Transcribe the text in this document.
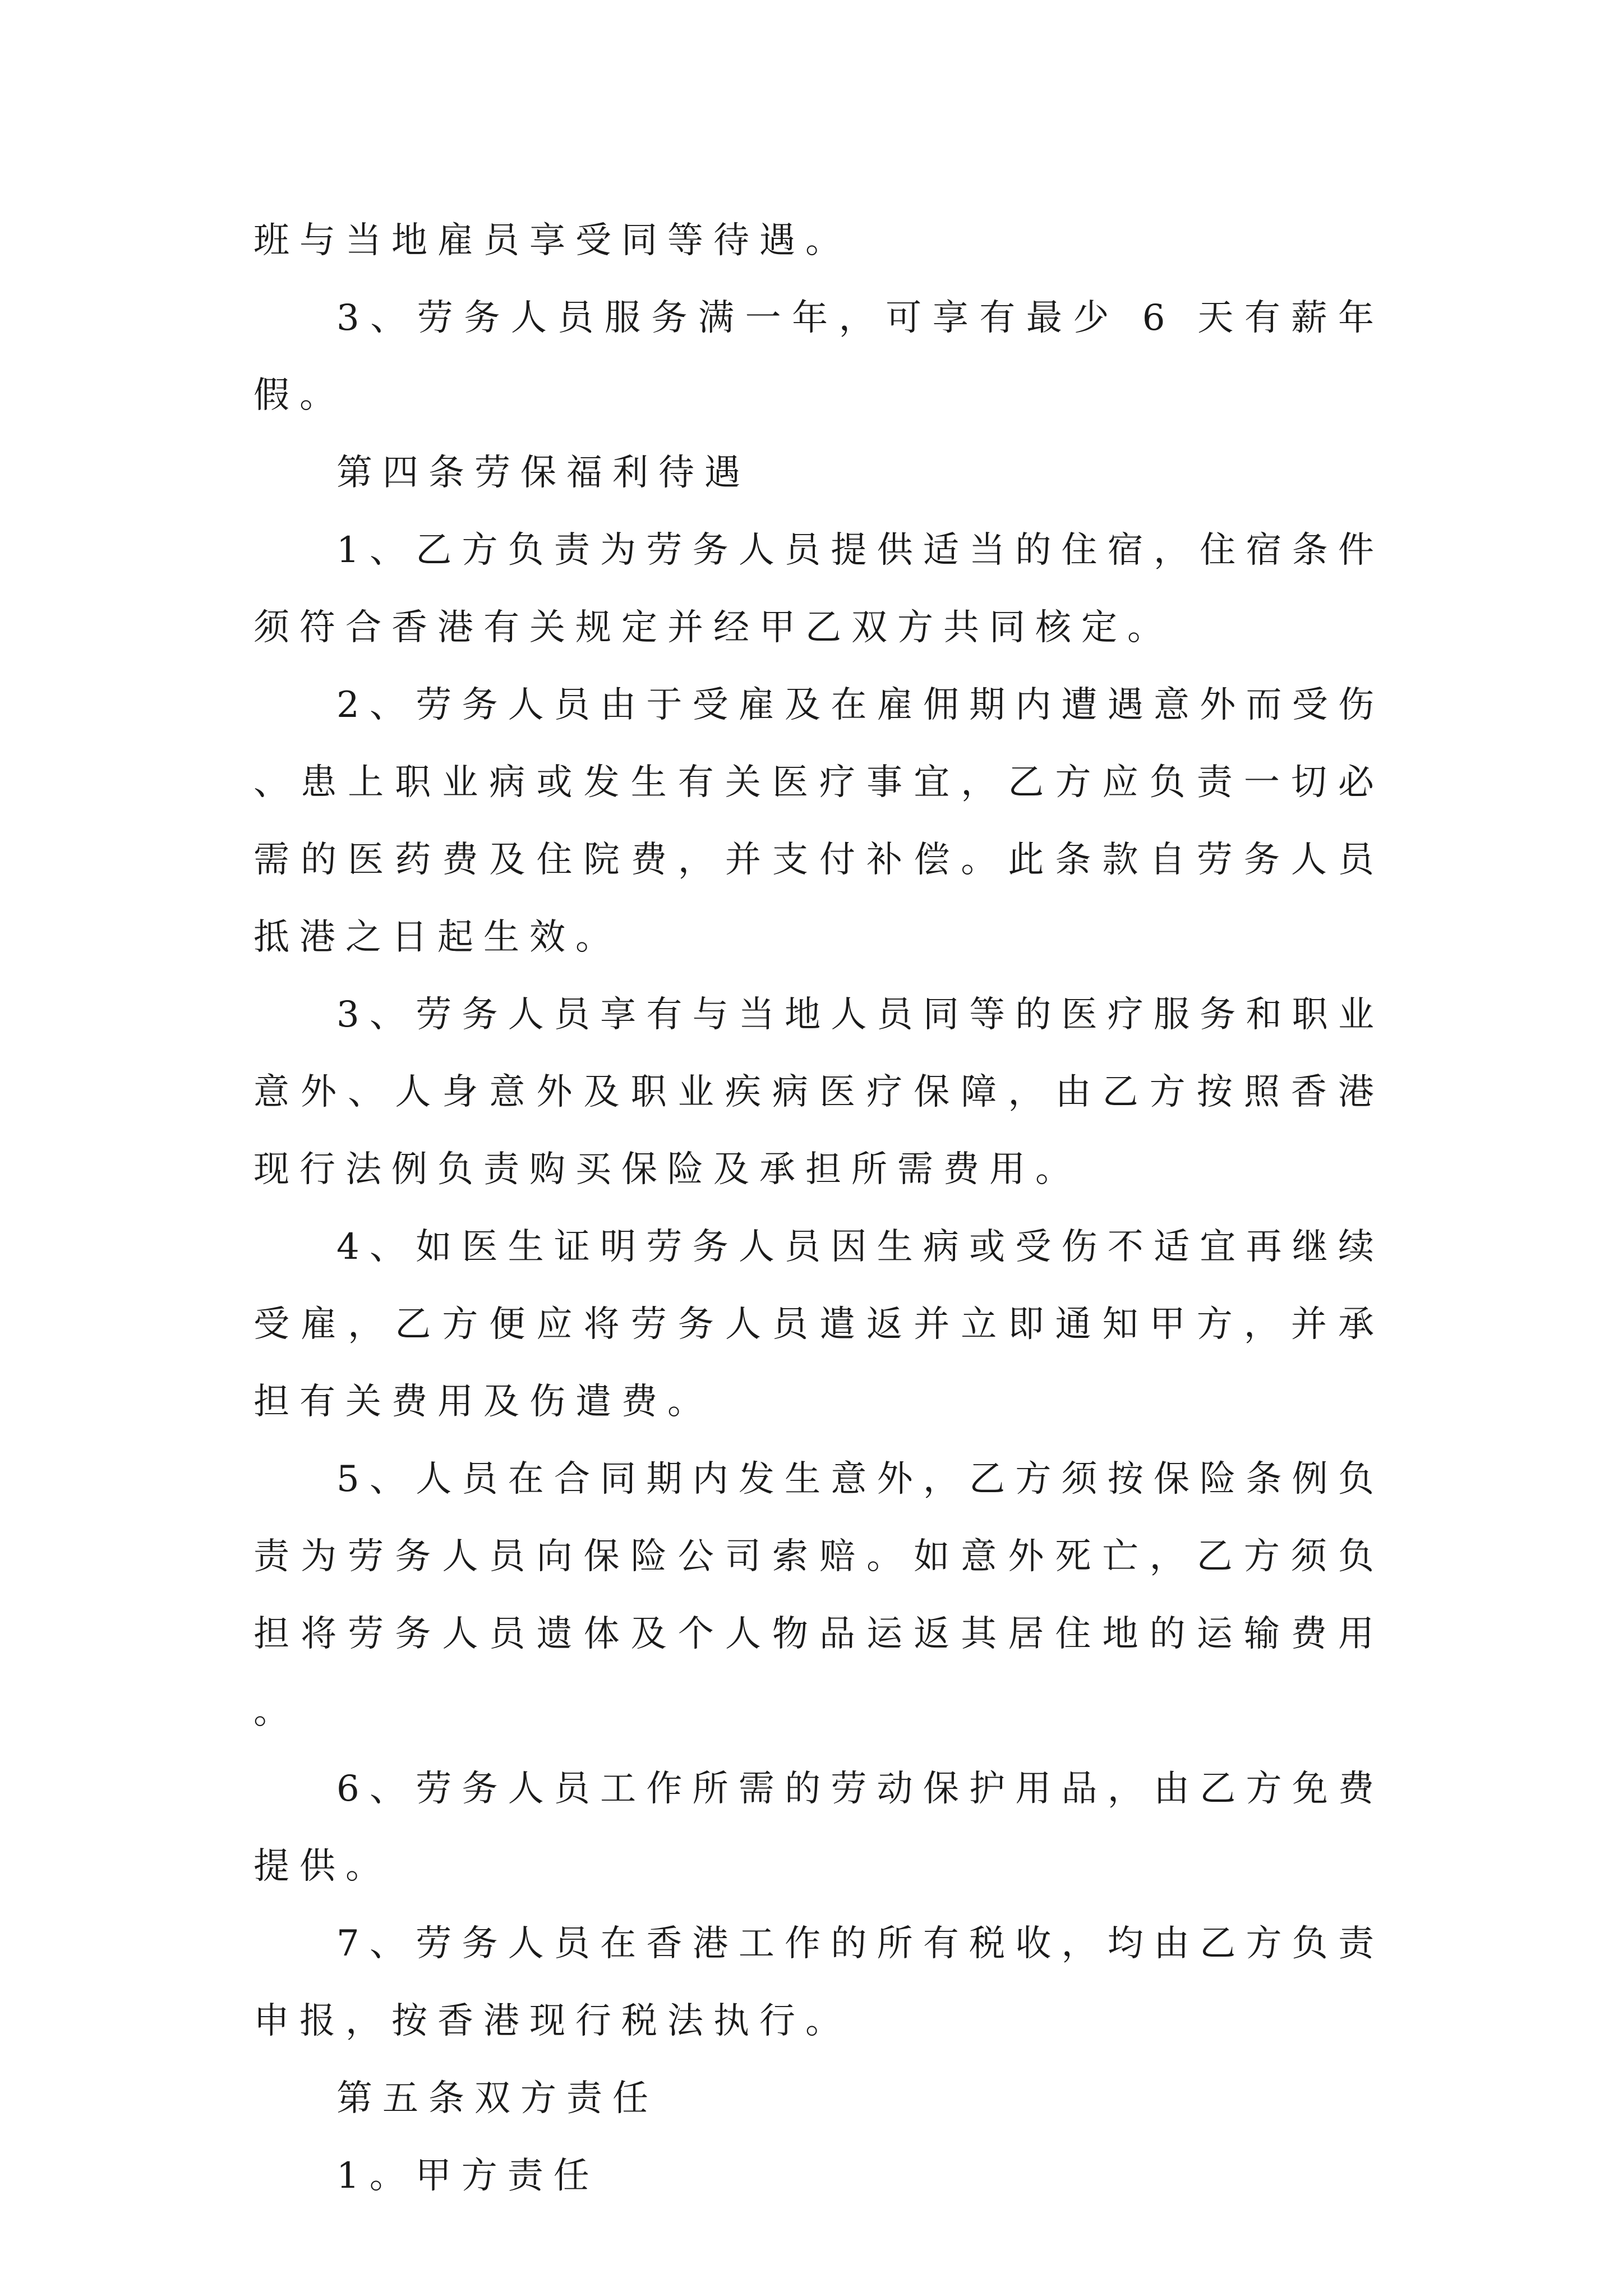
班与当地雇员享受同等待遇。

3、劳务人员服务满一年，可享有最少 6 天有薪年假。

第四条劳保福利待遇

1、乙方负责为劳务人员提供适当的住宿，住宿条件须符合香港有关规定并经甲乙双方共同核定。

2、劳务人员由于受雇及在雇佣期内遭遇意外而受伤、患上职业病或发生有关医疗事宜，乙方应负责一切必需的医药费及住院费，并支付补偿。此条款自劳务人员抵港之日起生效。

3、劳务人员享有与当地人员同等的医疗服务和职业意外、人身意外及职业疾病医疗保障，由乙方按照香港现行法例负责购买保险及承担所需费用。

4、如医生证明劳务人员因生病或受伤不适宜再继续受雇，乙方便应将劳务人员遣返并立即通知甲方，并承担有关费用及伤遣费。

5、人员在合同期内发生意外，乙方须按保险条例负责为劳务人员向保险公司索赔。如意外死亡，乙方须负担将劳务人员遗体及个人物品运返其居住地的运输费用。

6、劳务人员工作所需的劳动保护用品，由乙方免费提供。

7、劳务人员在香港工作的所有税收，均由乙方负责申报，按香港现行税法执行。

第五条双方责任

1。甲方责任
